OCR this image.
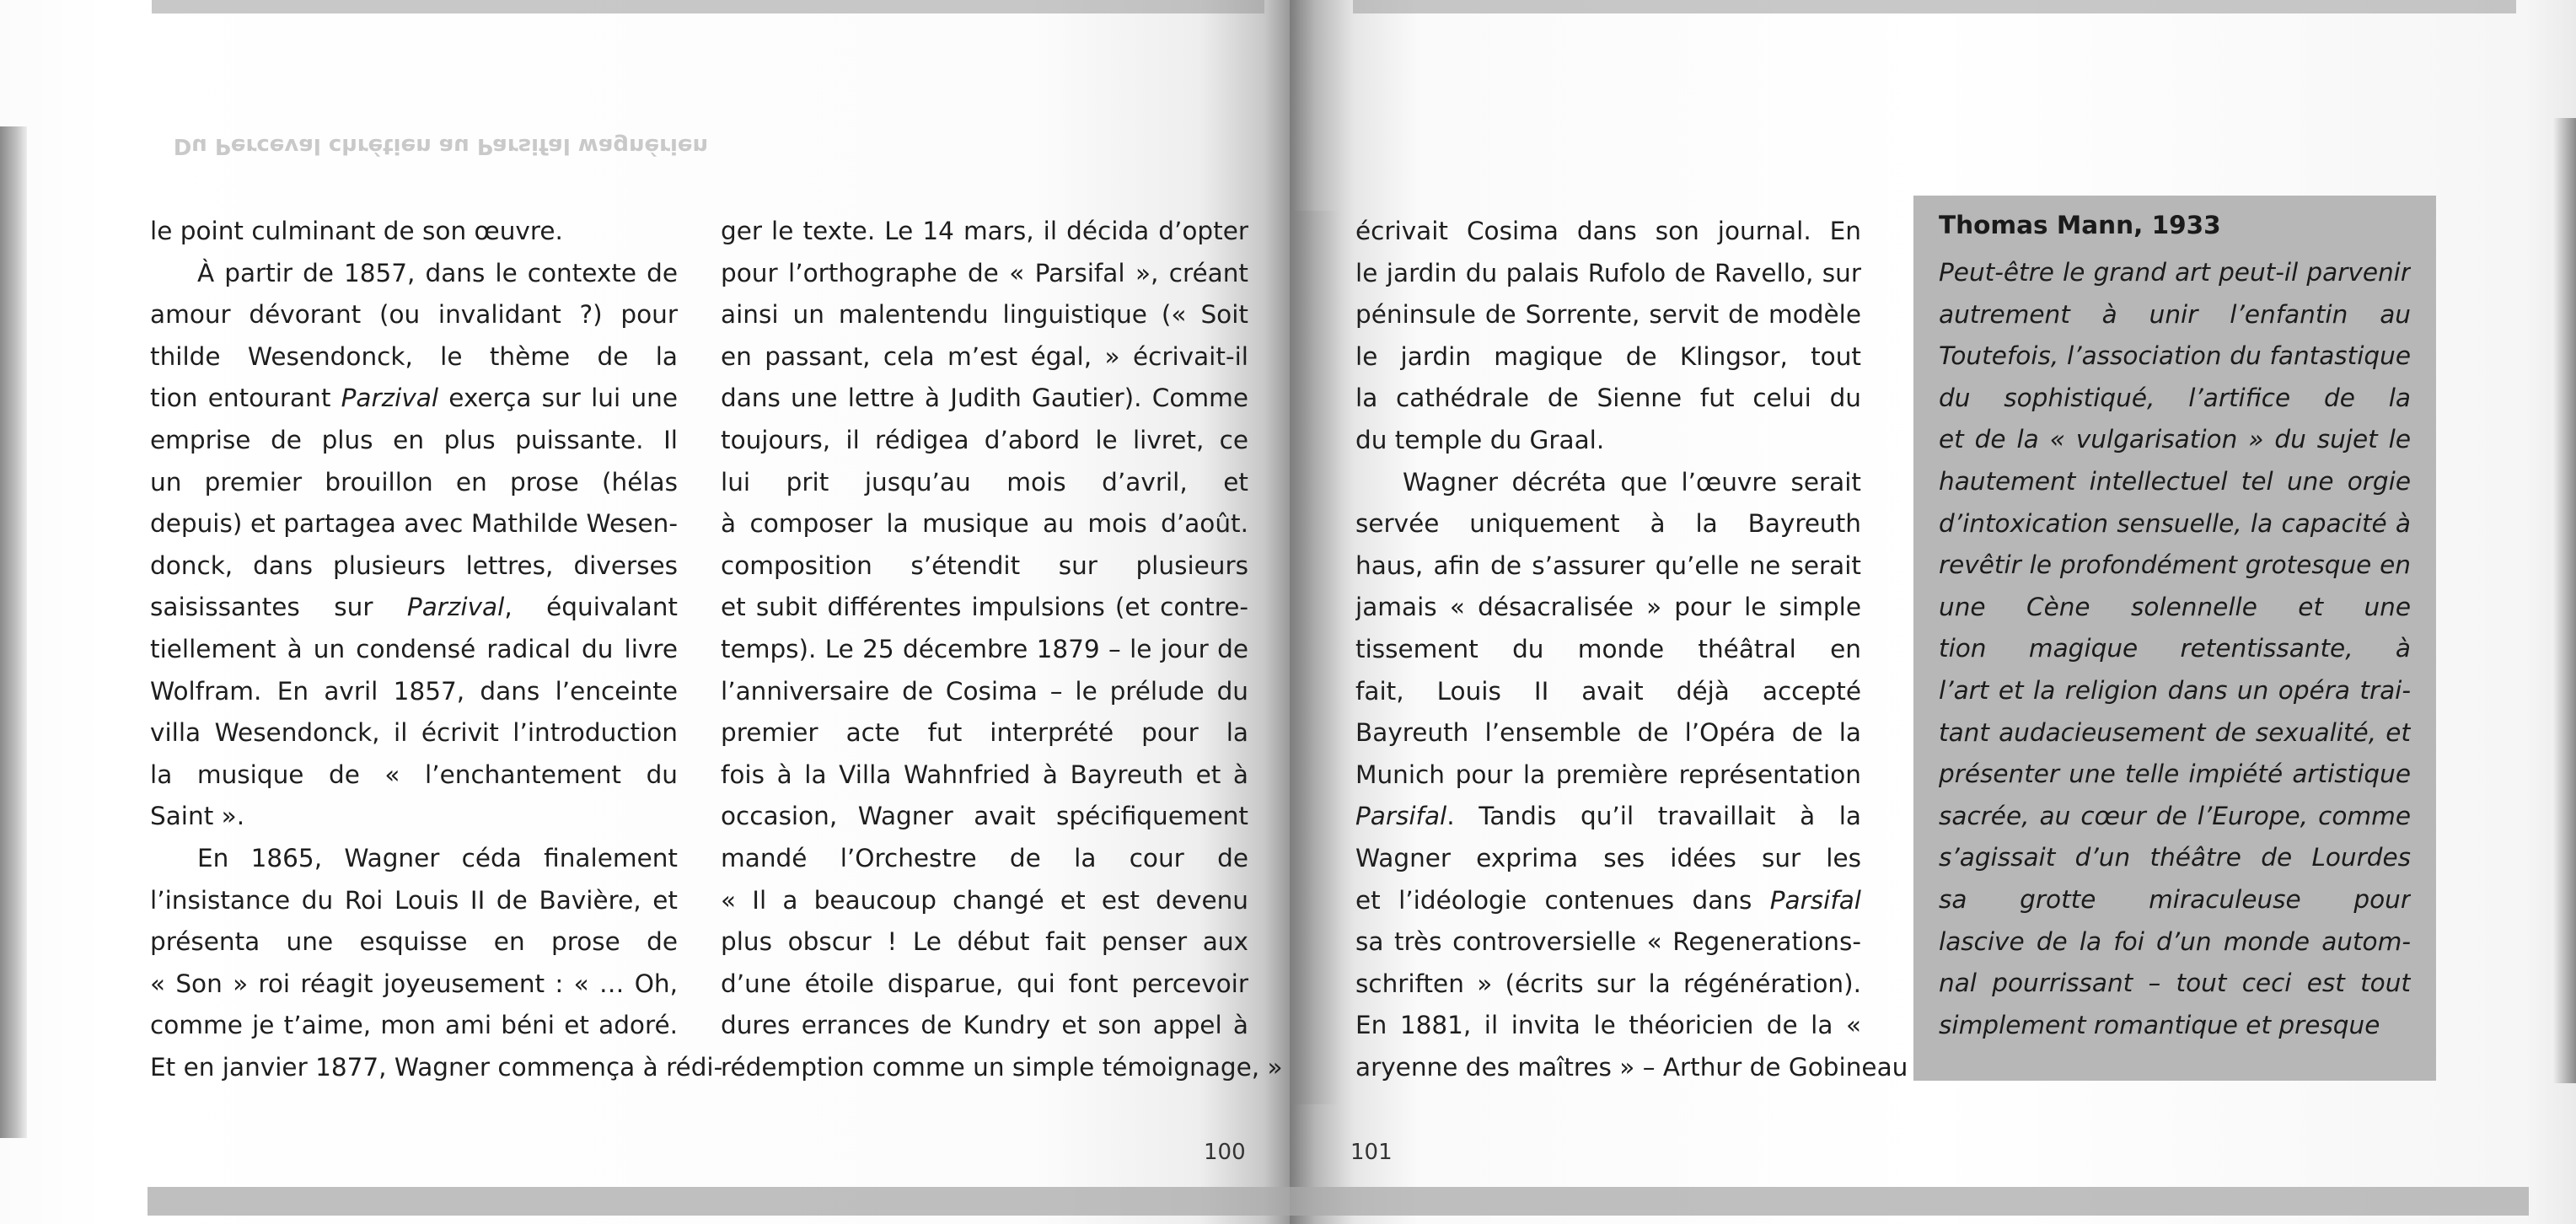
Du Perceval chrétien au Parsifal wagnérien
le point culminant de son œuvre.
À partir de 1857, dans le contexte de
amour dévorant (ou invalidant ?) pour
thilde Wesendonck, le thème de la
tion entourant Parzival exerça sur lui une
emprise de plus en plus puissante. Il
un premier brouillon en prose (hélas
depuis) et partagea avec Mathilde Wesen-
donck, dans plusieurs lettres, diverses
saisissantes sur Parzival, équivalant
tiellement à un condensé radical du livre
Wolfram. En avril 1857, dans l’enceinte
villa Wesendonck, il écrivit l’introduction
la musique de « l’enchantement du
Saint ».
En 1865, Wagner céda finalement
l’insistance du Roi Louis II de Bavière, et
présenta une esquisse en prose de
« Son » roi réagit joyeusement : « … Oh,
comme je t’aime, mon ami béni et adoré.
Et en janvier 1877, Wagner commença à rédi-
ger le texte. Le 14 mars, il décida d’opter
pour l’orthographe de « Parsifal », créant
ainsi un malentendu linguistique (« Soit
en passant, cela m’est égal, » écrivait-il
dans une lettre à Judith Gautier). Comme
toujours, il rédigea d’abord le livret, ce
lui prit jusqu’au mois d’avril, et
à composer la musique au mois d’août.
composition s’étendit sur plusieurs
et subit différentes impulsions (et contre-
temps). Le 25 décembre 1879 – le jour de
l’anniversaire de Cosima – le prélude du
premier acte fut interprété pour la
fois à la Villa Wahnfried à Bayreuth et à
occasion, Wagner avait spécifiquement
mandé l’Orchestre de la cour de
« Il a beaucoup changé et est devenu
plus obscur ! Le début fait penser aux
d’une étoile disparue, qui font percevoir
dures errances de Kundry et son appel à
rédemption comme un simple témoignage, »
100
écrivait Cosima dans son journal. En
le jardin du palais Rufolo de Ravello, sur
péninsule de Sorrente, servit de modèle
le jardin magique de Klingsor, tout
la cathédrale de Sienne fut celui du
du temple du Graal.
Wagner décréta que l’œuvre serait
servée uniquement à la Bayreuth
haus, afin de s’assurer qu’elle ne serait
jamais « désacralisée » pour le simple
tissement du monde théâtral en
fait, Louis II avait déjà accepté
Bayreuth l’ensemble de l’Opéra de la
Munich pour la première représentation
Parsifal. Tandis qu’il travaillait à la
Wagner exprima ses idées sur les
et l’idéologie contenues dans Parsifal
sa très controversielle « Regenerations-
schriften » (écrits sur la régénération).
En 1881, il invita le théoricien de la «
aryenne des maîtres » – Arthur de Gobineau
Thomas Mann, 1933
Peut-être le grand art peut-il parvenir
autrement à unir l’enfantin au
Toutefois, l’association du fantastique
du sophistiqué, l’artifice de la
et de la « vulgarisation » du sujet le
hautement intellectuel tel une orgie
d’intoxication sensuelle, la capacité à
revêtir le profondément grotesque en
une Cène solennelle et une
tion magique retentissante, à
l’art et la religion dans un opéra trai-
tant audacieusement de sexualité, et
présenter une telle impiété artistique
sacrée, au cœur de l’Europe, comme
s’agissait d’un théâtre de Lourdes
sa grotte miraculeuse pour
lascive de la foi d’un monde autom-
nal pourrissant – tout ceci est tout
simplement romantique et presque
101
